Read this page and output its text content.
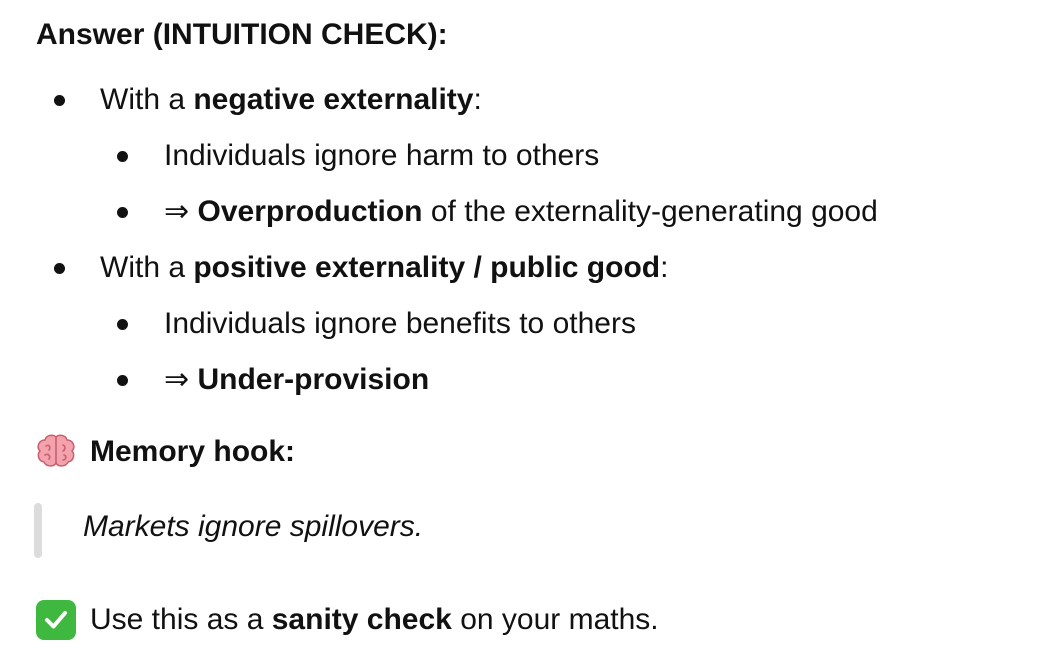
Answer (INTUITION CHECK):
With a negative externality:
Individuals ignore harm to others
⇒ Overproduction of the externality-generating good
With a positive externality / public good:
Individuals ignore benefits to others
⇒ Under-provision
Memory hook:
Markets ignore spillovers.
Use this as a sanity check on your maths.
